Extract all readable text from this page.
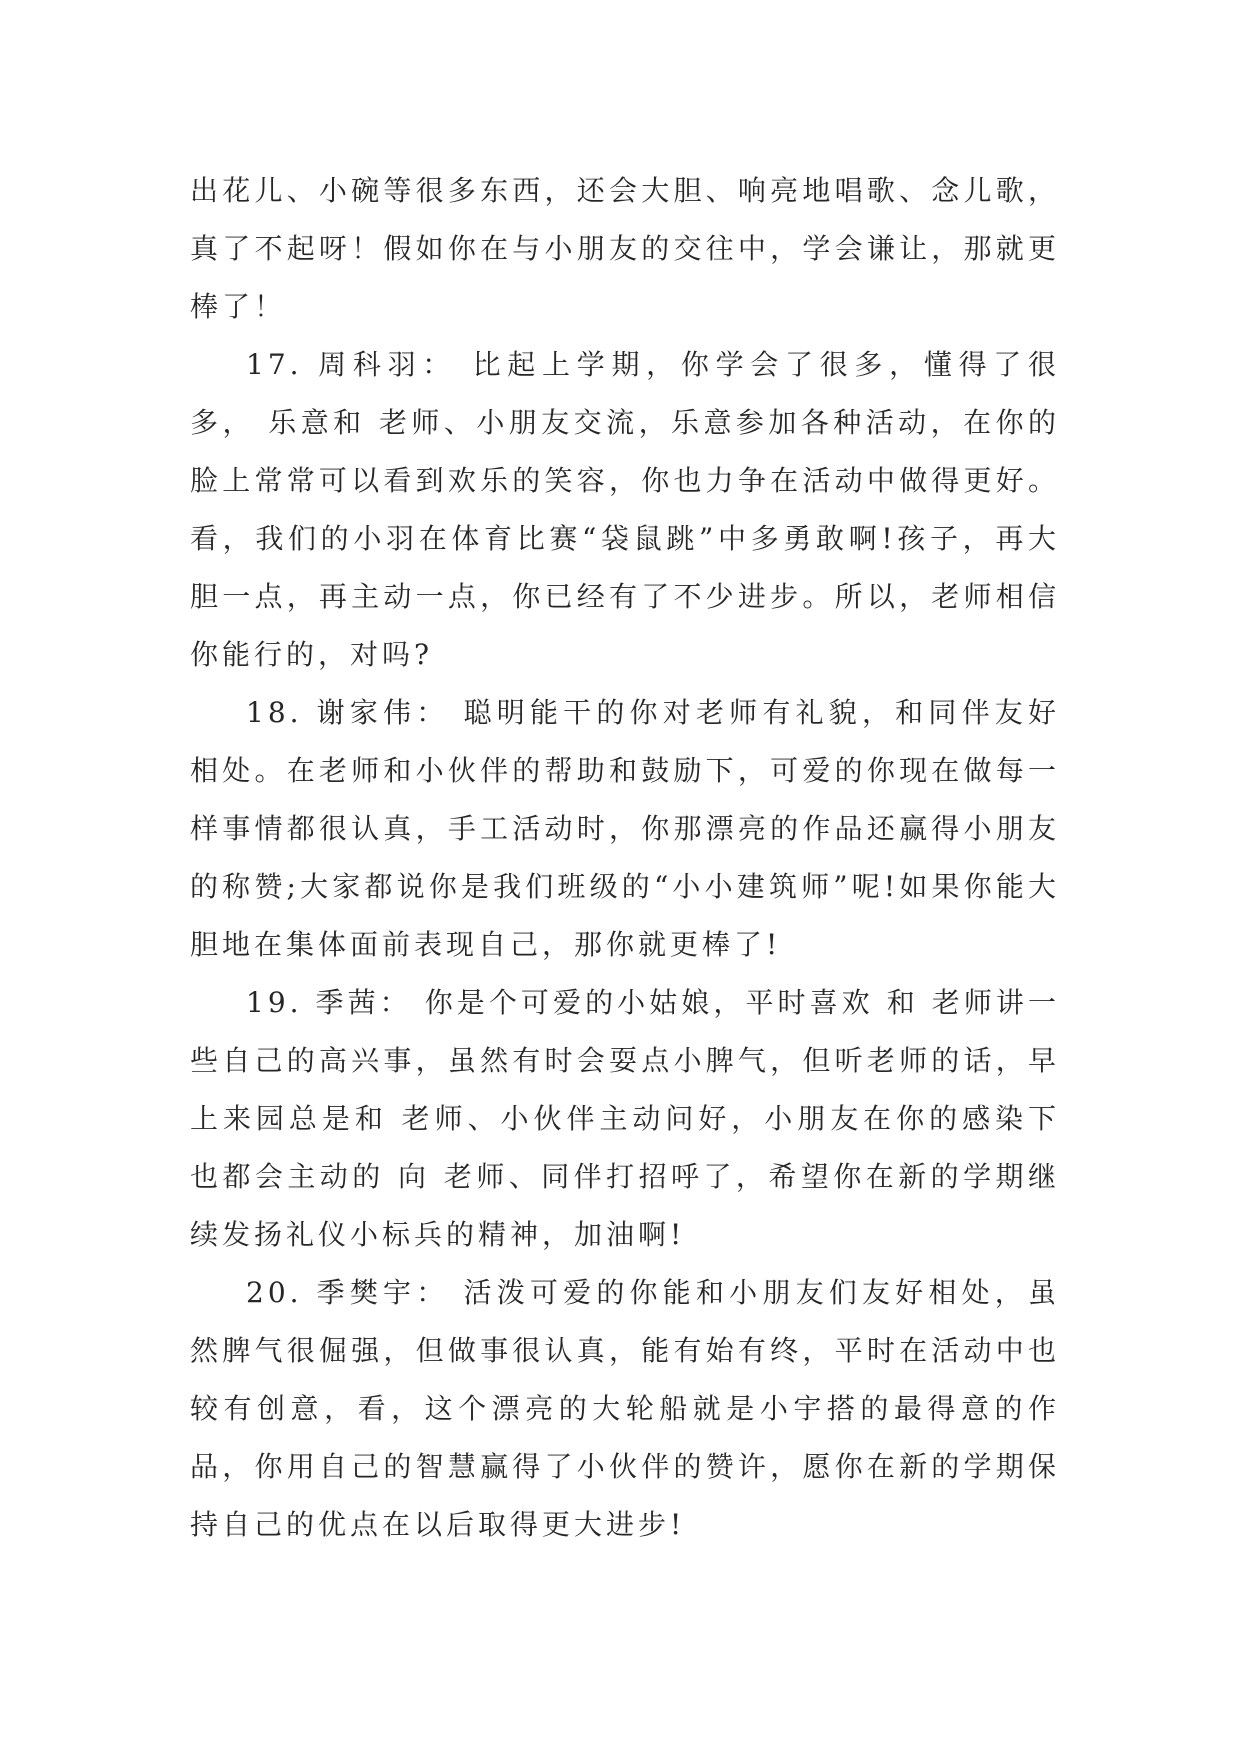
出花儿、小碗等很多东西，还会大胆、响亮地唱歌、念儿歌，真了不起呀！假如你在与小朋友的交往中，学会谦让，那就更棒了！

17. 周科羽： 比起上学期，你学会了很多，懂得了很多， 乐意和 老师、小朋友交流，乐意参加各种活动，在你的脸上常常可以看到欢乐的笑容，你也力争在活动中做得更好。看，我们的小羽在体育比赛“袋鼠跳”中多勇敢啊!孩子，再大胆一点，再主动一点，你已经有了不少进步。所以，老师相信你能行的，对吗?

18. 谢家伟： 聪明能干的你对老师有礼貌，和同伴友好相处。在老师和小伙伴的帮助和鼓励下，可爱的你现在做每一样事情都很认真，手工活动时，你那漂亮的作品还赢得小朋友的称赞;大家都说你是我们班级的“小小建筑师”呢!如果你能大胆地在集体面前表现自己，那你就更棒了!

19. 季茜： 你是个可爱的小姑娘，平时喜欢 和 老师讲一些自己的高兴事，虽然有时会耍点小脾气，但听老师的话，早上来园总是和 老师、小伙伴主动问好，小朋友在你的感染下也都会主动的 向 老师、同伴打招呼了，希望你在新的学期继续发扬礼仪小标兵的精神，加油啊!

20. 季樊宇： 活泼可爱的你能和小朋友们友好相处，虽然脾气很倔强，但做事很认真，能有始有终，平时在活动中也较有创意，看，这个漂亮的大轮船就是小宇搭的最得意的作品，你用自己的智慧赢得了小伙伴的赞许，愿你在新的学期保持自己的优点在以后取得更大进步!
